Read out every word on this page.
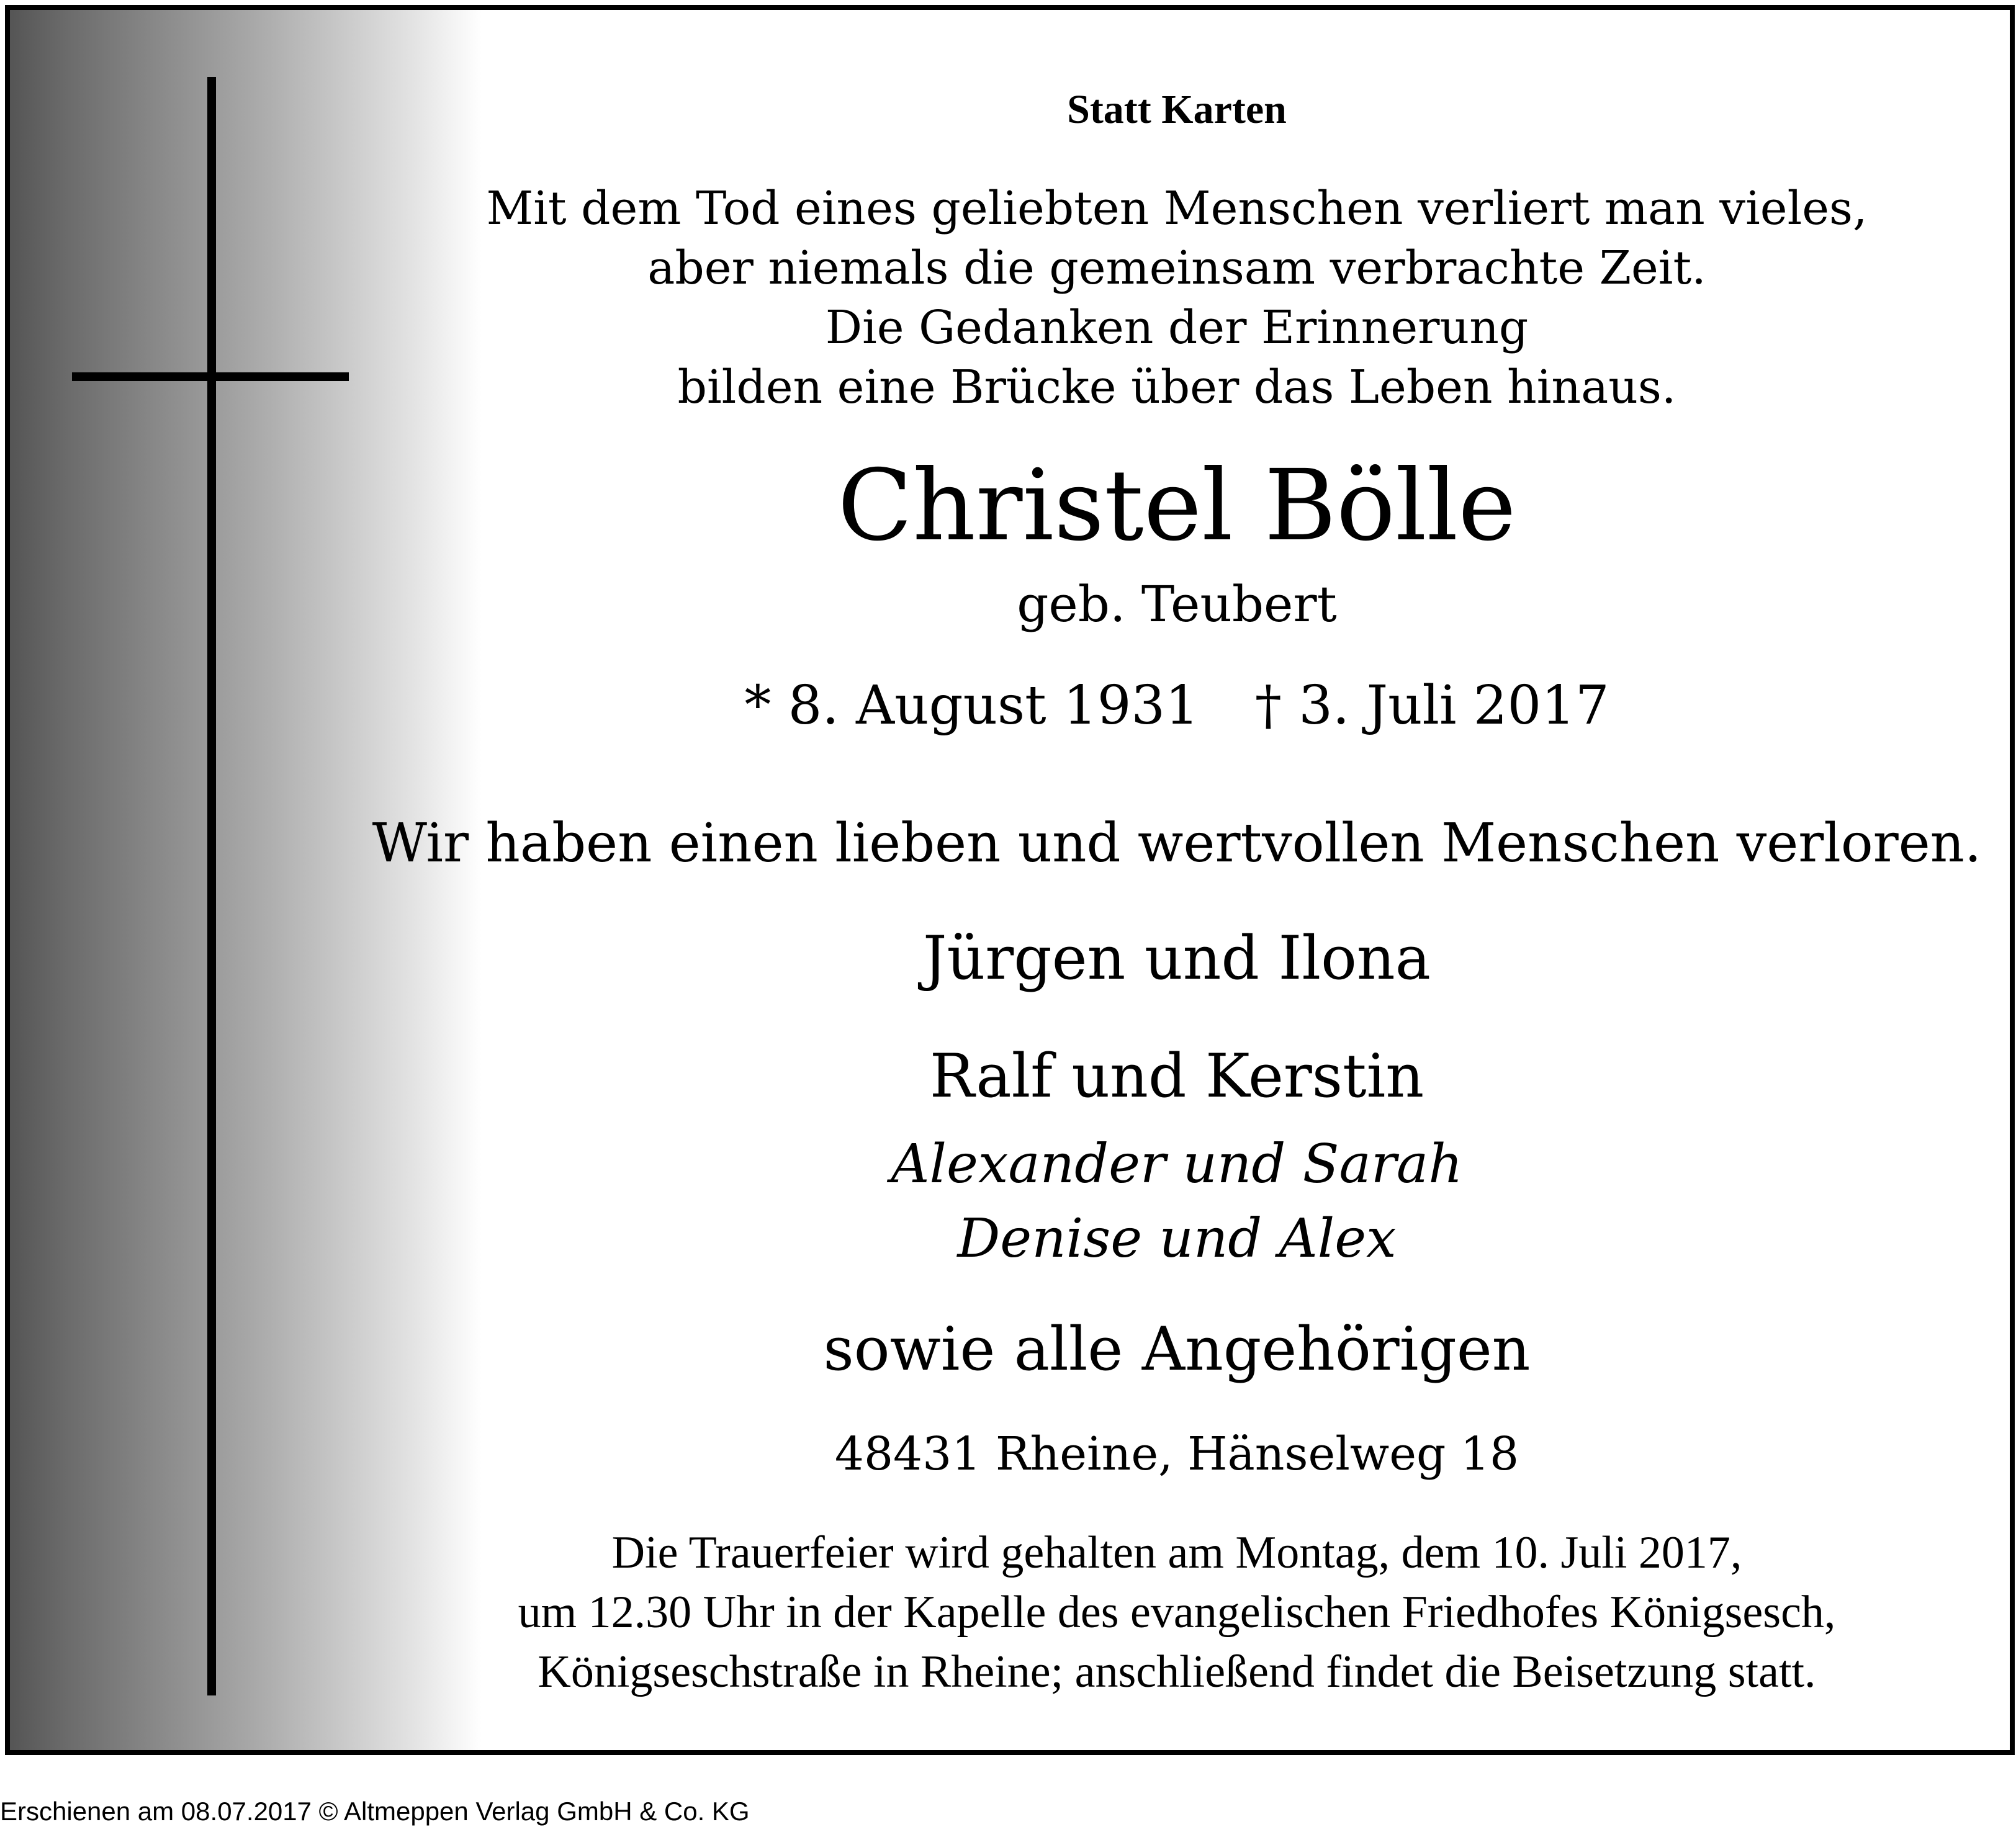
Statt Karten
Mit dem Tod eines geliebten Menschen verliert man vieles,
aber niemals die gemeinsam verbrachte Zeit.
Die Gedanken der Erinnerung
bilden eine Brücke über das Leben hinaus.
Christel Bölle
geb. Teubert
* 8. August 1931 † 3. Juli 2017
Wir haben einen lieben und wertvollen Menschen verloren.
Jürgen und Ilona
Ralf und Kerstin
Alexander und Sarah
Denise und Alex
sowie alle Angehörigen
48431 Rheine, Hänselweg 18
Die Trauerfeier wird gehalten am Montag, dem 10. Juli 2017,
um 12.30 Uhr in der Kapelle des evangelischen Friedhofes Königsesch,
Königseschstraße in Rheine; anschließend findet die Beisetzung statt.
Erschienen am 08.07.2017 © Altmeppen Verlag GmbH & Co. KG
